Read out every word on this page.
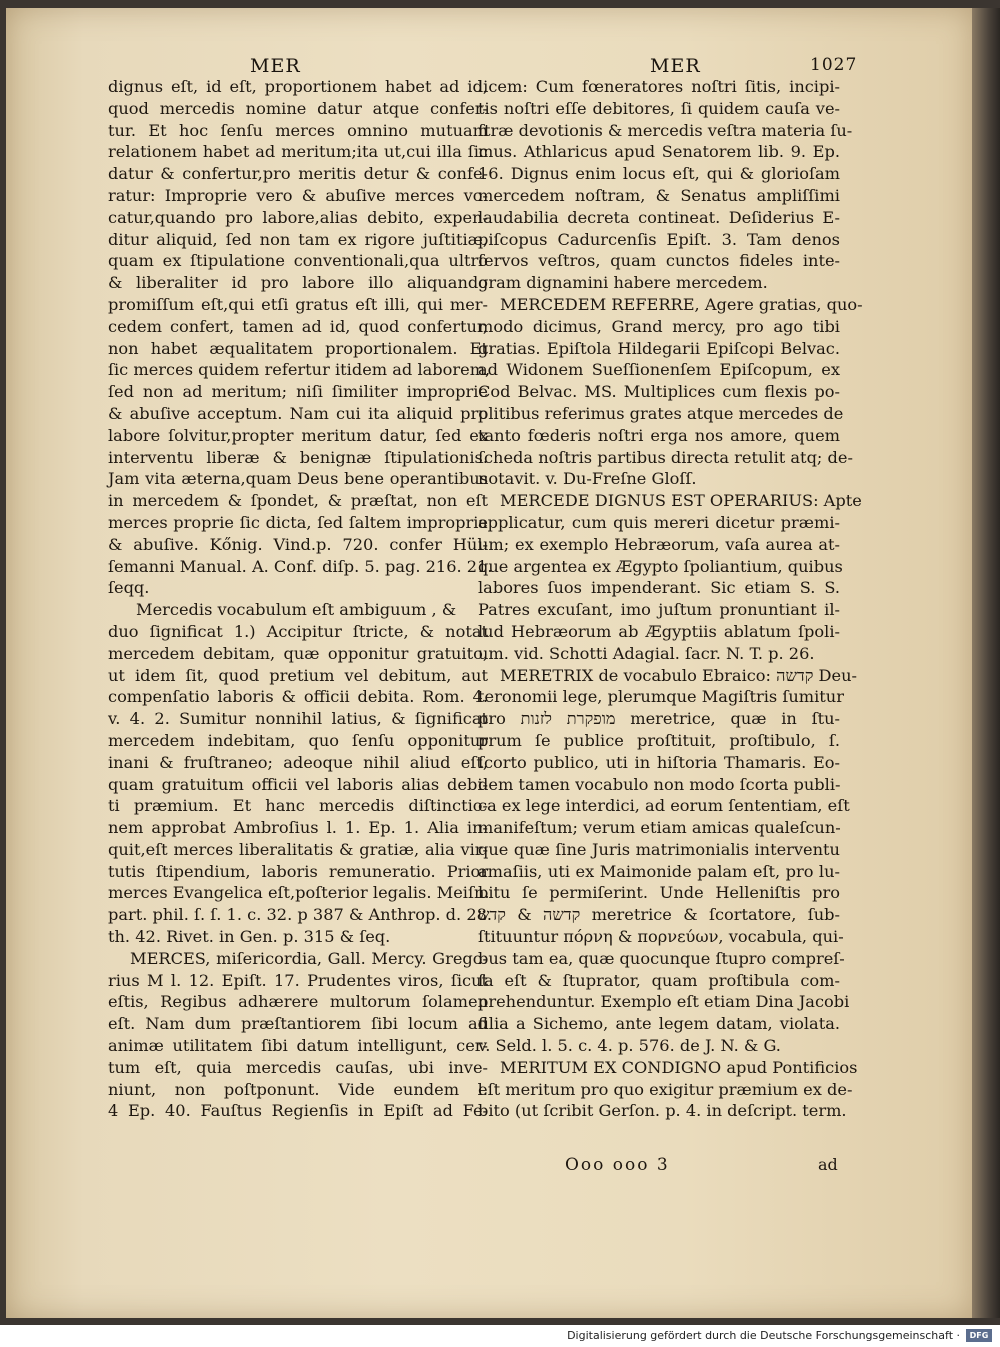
MER	MER	1027
dignus eſt, id eſt, proportionem habet ad id,
quod mercedis nomine datur atque confer-
tur. Et hoc ſenſu merces omnino mutuam
relationem habet ad meritum;ita ut,cui illa ſic
datur & confertur,pro meritis detur & confe-
ratur: Improprie vero & abuſive merces vo-
catur,quando pro labore,alias debito, expen-
ditur aliquid, ſed non tam ex rigore juſtitiæ,
quam ex ſtipulatione conventionali,qua ultro
& liberaliter id pro labore illo aliquando
promiſſum eſt,qui etſi gratus eſt illi, qui mer-
cedem confert, tamen ad id, quod confertur,
non habet æqualitatem proportionalem. Et
ſic merces quidem refertur itidem ad laborem,
ſed non ad meritum; niſi ſimiliter improprie
& abuſive acceptum. Nam cui ita aliquid pro
labore ſolvitur,propter meritum datur, ſed ex
interventu liberæ & benignæ ſtipulationis.
Jam vita æterna,quam Deus bene operantibus
in mercedem & ſpondet, & præſtat, non eſt
merces proprie ſic dicta, ſed ſaltem improprie
& abuſive. Kőnig. Vind.p. 720. confer Hül-
ſemanni Manual. A. Conf. diſp. 5. pag. 216. 21.
ſeqq.
Mercedis vocabulum eſt ambiguum , &
duo ſignificat 1.) Accipitur ſtricte, & notat
mercedem debitam, quæ opponitur gratuito,
ut idem ſit, quod pretium vel debitum, aut
compenſatio laboris & officii debita. Rom. 4.
v. 4. 2. Sumitur nonnihil latius, & ſignificat
mercedem indebitam, quo ſenſu opponitur
inani & fruſtraneo; adeoque nihil aliud eſt,
quam gratuitum officii vel laboris alias debi-
ti præmium. Et hanc mercedis diſtinctio-
nem approbat Ambroſius l. 1. Ep. 1. Alia in-
quit,eſt merces liberalitatis & gratiæ, alia vir-
tutis ſtipendium, laboris remuneratio. Prior
merces Evangelica eſt,poſterior legalis. Meiſn.
part. phil. ſ. ſ. 1. c. 32. p 387 & Anthrop. d. 28.
th. 42. Rivet. in Gen. p. 315 & ſeq.
MERCES, miſericordia, Gall. Mercy. Grego-
rius M l. 12. Epiſt. 17. Prudentes viros, ſicut
eſtis, Regibus adhærere multorum ſolamen
eſt. Nam dum præſtantiorem ſibi locum ad
animæ utilitatem ſibi datum intelligunt, cer-
tum eſt, quia mercedis cauſas, ubi inve-
niunt, non poſtponunt. Vide eundem l.
4 Ep. 40. Fauſtus Regienſis in Epiſt ad Fe-
licem: Cum fœneratores noſtri ſitis, incipi-
tis noſtri eſſe debitores, ſi quidem cauſa ve-
ſtræ devotionis & mercedis veſtra materia ſu-
mus. Athlaricus apud Senatorem lib. 9. Ep.
16. Dignus enim locus eſt, qui & glorioſam
mercedem noſtram, & Senatus ampliſſimi
laudabilia decreta contineat. Deſiderius E-
piſcopus Cadurcenſis Epiſt. 3. Tam denos
ſervos veſtros, quam cunctos fideles inte-
gram dignamini habere mercedem.
MERCEDEM REFERRE, Agere gratias, quo-
modo dicimus, Grand mercy, pro ago tibi
gratias. Epiſtola Hildegarii Epiſcopi Belvac.
ad Widonem Sueſſionenſem Epiſcopum, ex
Cod Belvac. MS. Multiplices cum flexis po-
plitibus referimus grates atque mercedes de
tanto fœderis noſtri erga nos amore, quem
ſcheda noſtris partibus directa retulit atq; de-
notavit. v. Du-Freſne Gloſſ.
MERCEDE DIGNUS EST OPERARIUS: Apte
applicatur, cum quis mereri dicetur præmi-
um; ex exemplo Hebræorum, vaſa aurea at-
que argentea ex Ægypto ſpoliantium, quibus
labores ſuos impenderant. Sic etiam S. S.
Patres excuſant, imo juſtum pronuntiant il-
lud Hebræorum ab Ægyptiis ablatum ſpoli-
um. vid. Schotti Adagial. ſacr. N. T. p. 26.
MERETRIX de vocabulo Ebraico: קדשה Deu-
teronomii lege, plerumque Magiſtris ſumitur
pro מופקרת לזנות meretrice, quæ in ſtu-
prum ſe publice proſtituit, proſtibulo, ſ.
ſcorto publico, uti in hiſtoria Thamaris. Eo-
dem tamen vocabulo non modo ſcorta publi-
ca ex lege interdici, ad eorum ſententiam, eſt
manifeſtum; verum etiam amicas qualeſcun-
que quæ ſine Juris matrimonialis interventu
amaſiis, uti ex Maimonide palam eſt, pro lu-
bitu ſe permiſerint. Unde Helleniſtis pro
קדשה & קדש meretrice & ſcortatore, ſub-
ſtituuntur πόρνη & πορνεύων, vocabula, qui-
bus tam ea, quæ quocunque ſtupro compreſ-
ſa eſt & ſtuprator, quam proſtibula com-
prehenduntur. Exemplo eſt etiam Dina Jacobi
filia a Sichemo, ante legem datam, violata.
v. Seld. l. 5. c. 4. p. 576. de J. N. & G.
MERITUM EX CONDIGNO apud Pontificios
eſt meritum pro quo exigitur præmium ex de-
bito (ut ſcribit Gerſon. p. 4. in deſcript. term.
Ooo ooo 3	ad
Digitalisierung gefördert durch die Deutsche Forschungsgemeinschaft ·	DFG
